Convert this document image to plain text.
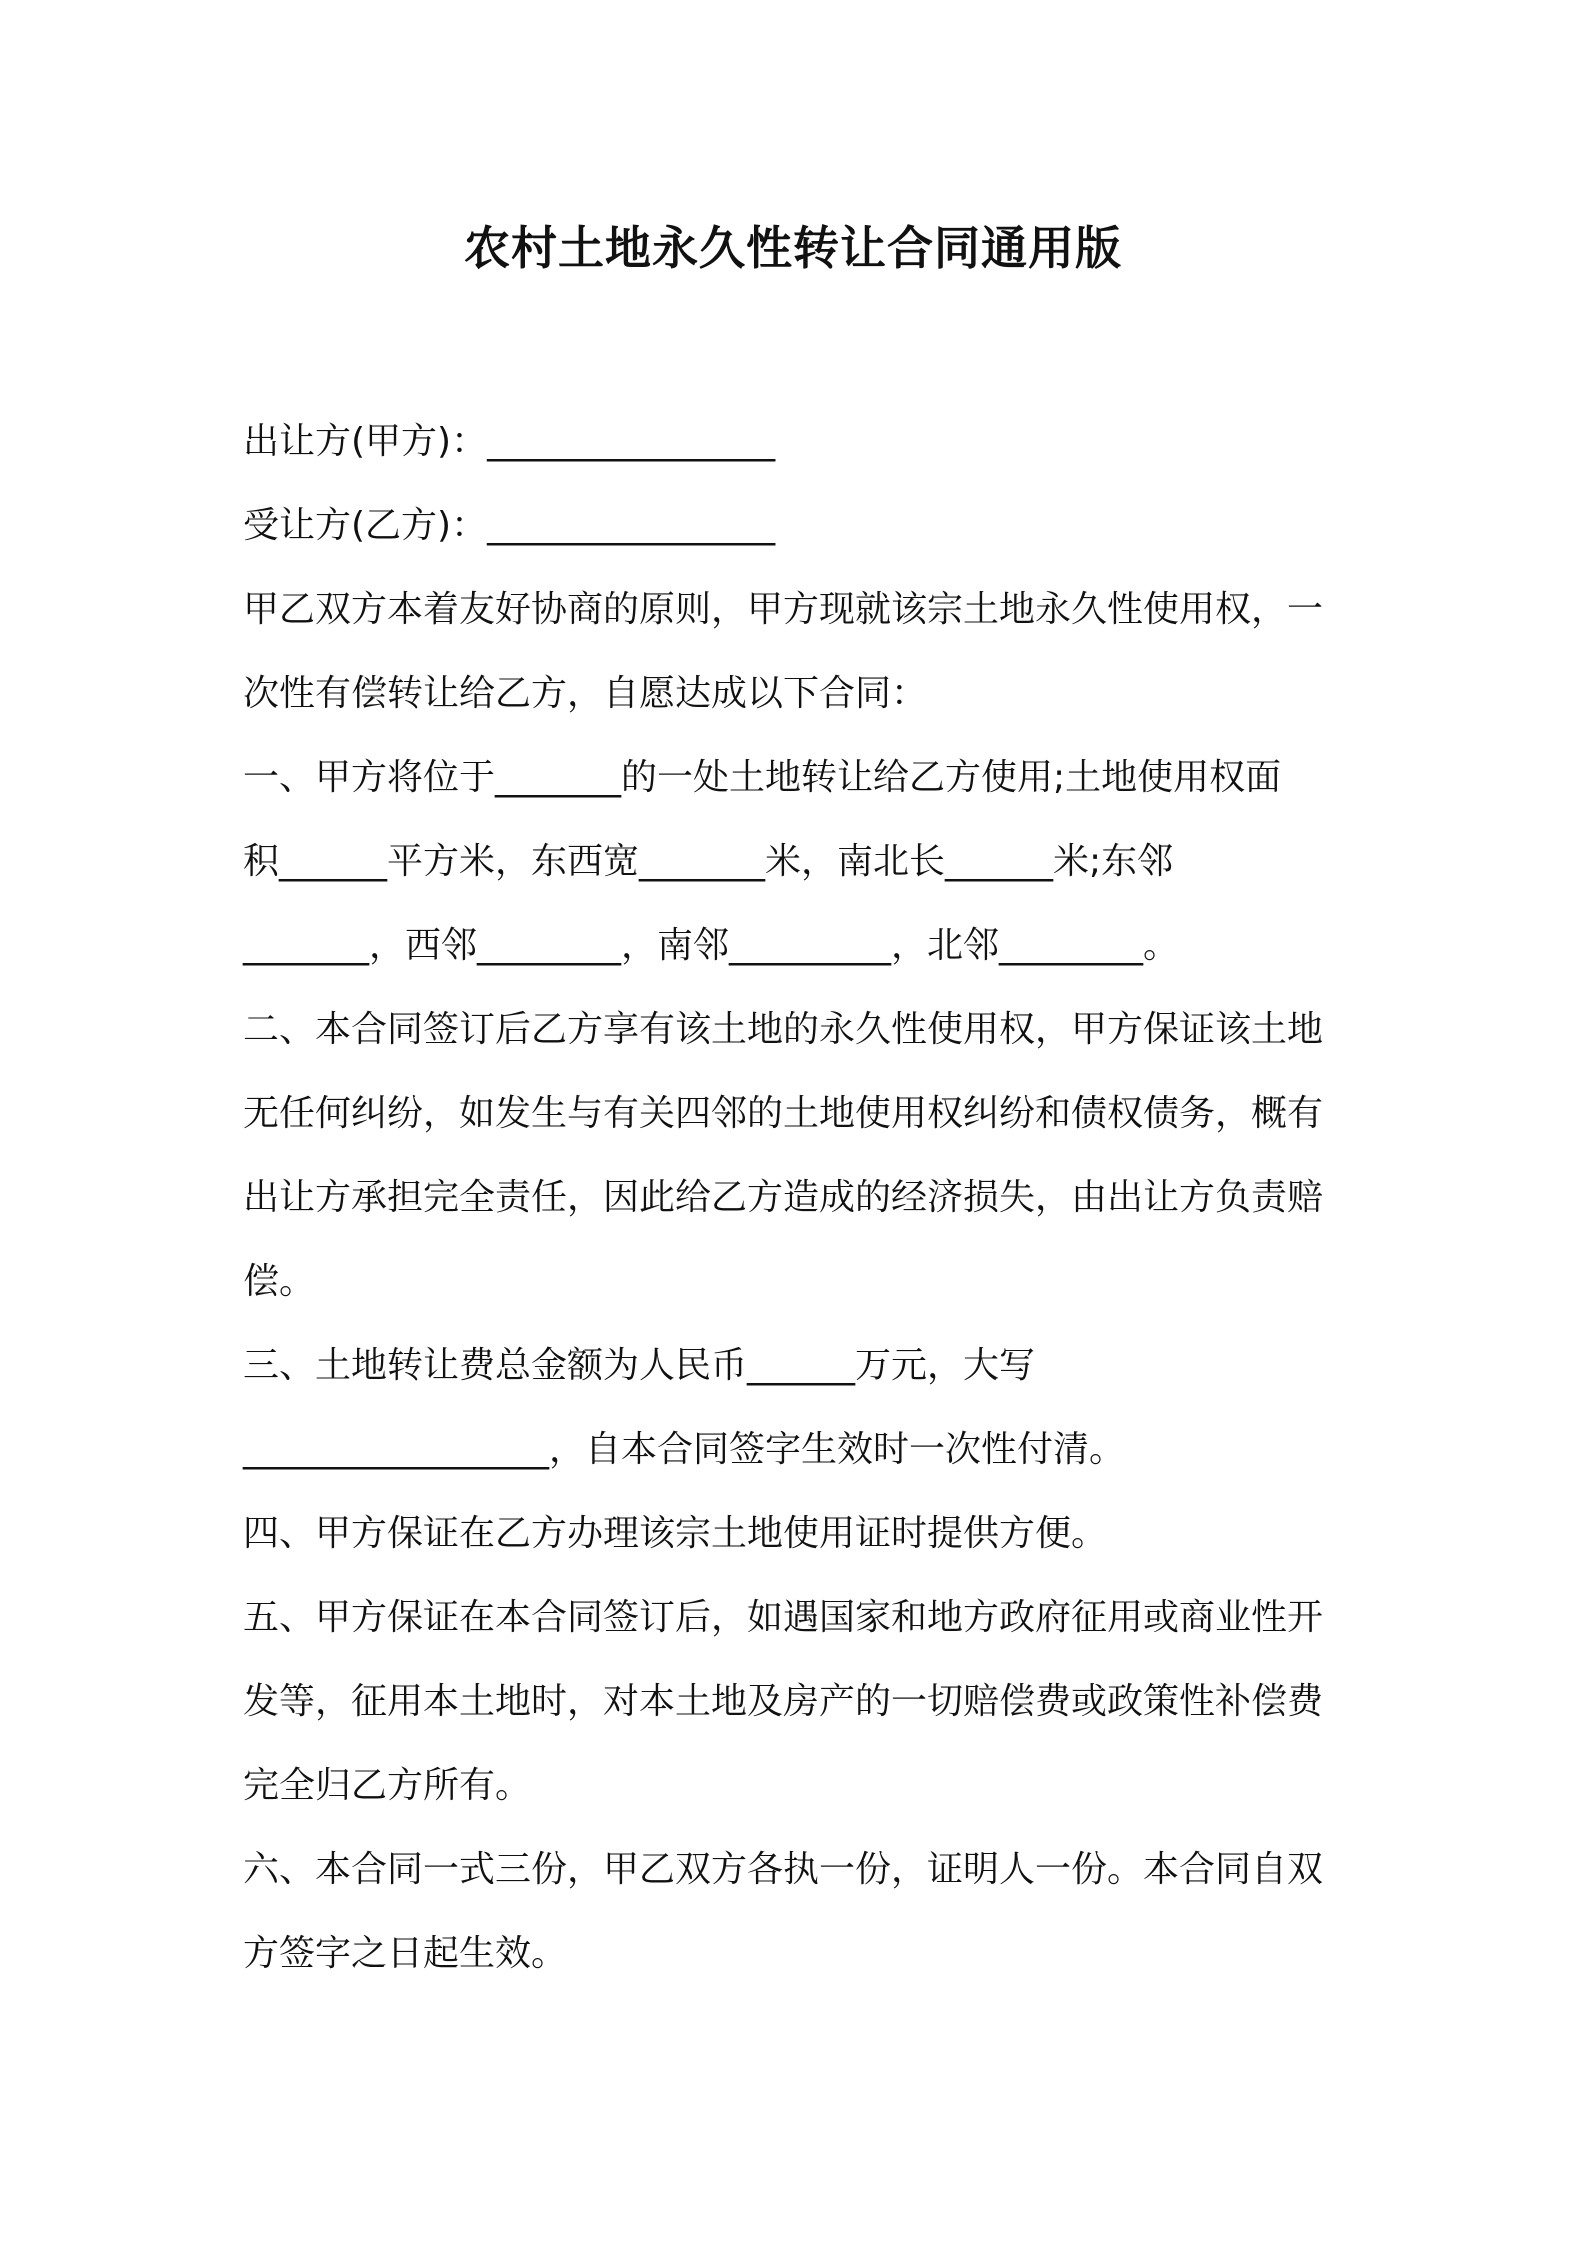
农村土地永久性转让合同通用版
出让方(甲方)：________________
受让方(乙方)：________________
甲乙双方本着友好协商的原则，甲方现就该宗土地永久性使用权，一
次性有偿转让给乙方，自愿达成以下合同：
一、甲方将位于_______的一处土地转让给乙方使用;土地使用权面
积______平方米，东西宽_______米，南北长______米;东邻
_______，西邻________，南邻_________，北邻________。
二、本合同签订后乙方享有该土地的永久性使用权，甲方保证该土地
无任何纠纷，如发生与有关四邻的土地使用权纠纷和债权债务，概有
出让方承担完全责任，因此给乙方造成的经济损失，由出让方负责赔
偿。
三、土地转让费总金额为人民币______万元，大写
_________________，自本合同签字生效时一次性付清。
四、甲方保证在乙方办理该宗土地使用证时提供方便。
五、甲方保证在本合同签订后，如遇国家和地方政府征用或商业性开
发等，征用本土地时，对本土地及房产的一切赔偿费或政策性补偿费
完全归乙方所有。
六、本合同一式三份，甲乙双方各执一份，证明人一份。本合同自双
方签字之日起生效。
